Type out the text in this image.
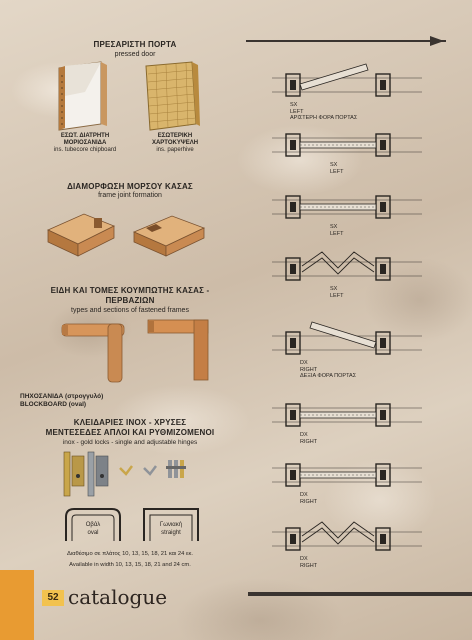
ΠΡΕΣΑΡΙΣΤΗ ΠΟΡΤΑ
pressed door
ΕΣΩΤ. ΔΙΑΤΡΗΤΗ
ΜΟΡΙΟΣΑΝΙΔΑ
ins. tubecore chipboard
ΕΣΩΤΕΡΙΚΗ
ΧΑΡΤΟΚΥΨΕΛΗ
ins. paperhive
ΔΙΑΜΟΡΦΩΣΗ ΜΟΡΣΟΥ ΚΑΣΑΣ
frame joint formation
ΕΙΔΗ ΚΑΙ ΤΟΜΕΣ ΚΟΥΜΠΩΤΗΣ ΚΑΣΑΣ -
ΠΕΡΒΑΖΙΩΝ
types and sections of fastened frames
ΠΗΧΟΣΑΝΙΔΑ (στρογγυλό)
BLOCKBOARD (oval)
ΚΛΕΙΔΑΡΙΕΣ INOX - ΧΡΥΣΕΣ
ΜΕΝΤΕΣΕΔΕΣ ΑΠΛΟΙ ΚΑΙ ΡΥΘΜΙΖΟΜΕΝΟΙ
inox - gold locks - single and adjustable hinges
Οβάλ
oval
Γωνιακή
straight
Διαθέσιμο σε πλάτος 10, 13, 15, 18, 21 και 24 εκ.
Available in width 10, 13, 15, 18, 21 and 24 cm.
SX
LEFT
ΑΡΙΣΤΕΡΗ ΦΟΡΑ ΠΟΡΤΑΣ
SX
LEFT
SX
LEFT
SX
LEFT
DX
RIGHT
ΔΕΞΙΑ ΦΟΡΑ ΠΟΡΤΑΣ
DX
RIGHT
DX
RIGHT
DX
RIGHT
52 catalogue
